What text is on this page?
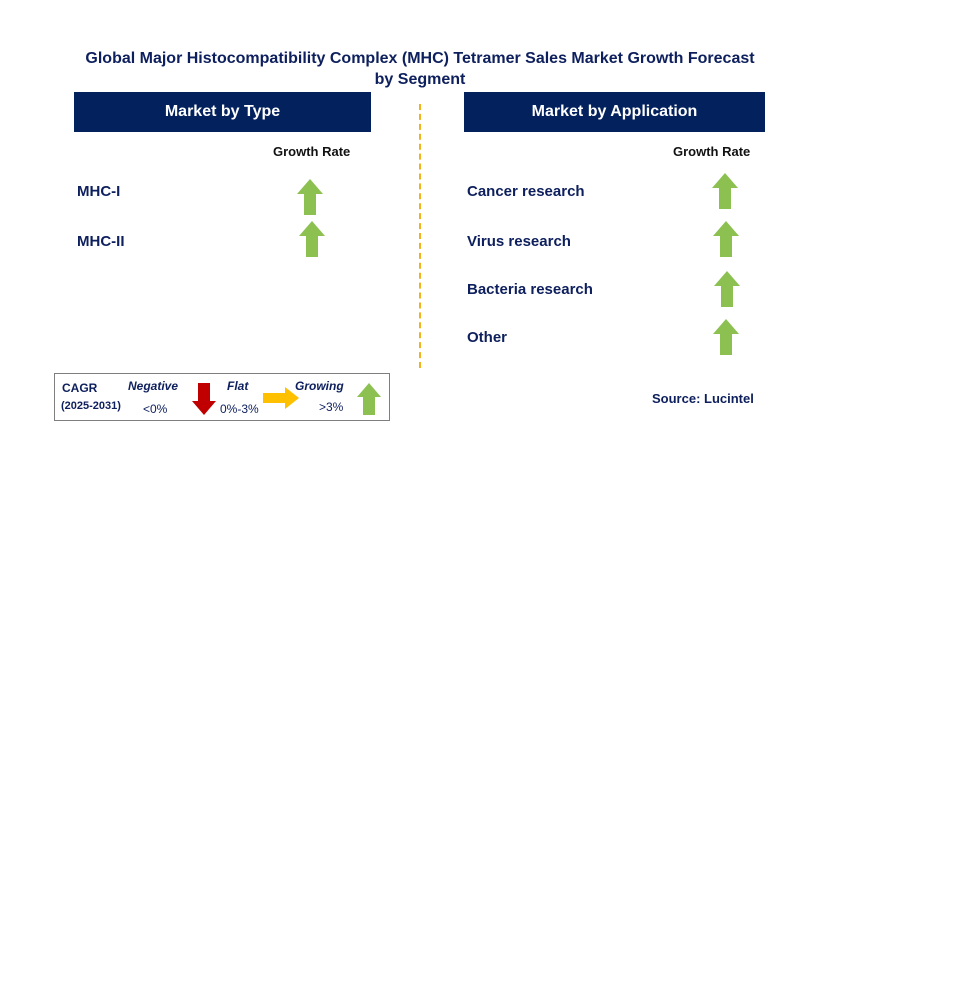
Global Major Histocompatibility Complex (MHC) Tetramer Sales Market Growth Forecast by Segment
Market by Type
Growth Rate
MHC-I
MHC-II
Market by Application
Growth Rate
Cancer research
Virus research
Bacteria research
Other
CAGR
(2025-2031)
Negative
<0%
Flat
0%-3%
Growing
>3%
Source: Lucintel
